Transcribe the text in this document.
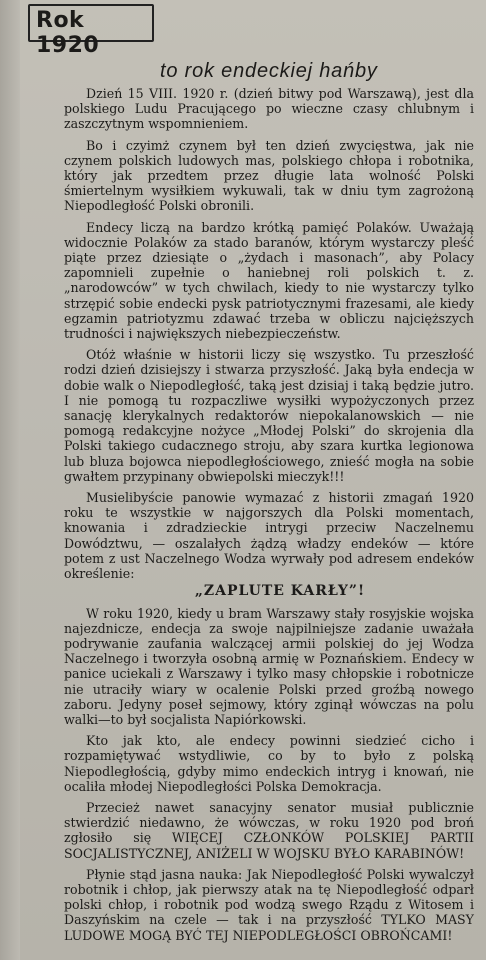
Rok 1920
to rok endeckiej hańby

Dzień 15 VIII. 1920 r. (dzień bitwy pod Warszawą), jest dla polskiego Ludu Pracującego po wieczne czasy chlubnym i zaszczytnym wspomnieniem.

Bo i czyimż czynem był ten dzień zwycięstwa, jak nie czynem polskich ludowych mas, polskiego chłopa i robotnika, który jak przedtem przez długie lata wolność Polski śmiertelnym wysiłkiem wykuwali, tak w dniu tym zagrożoną Niepodległość Polski obronili.

Endecy liczą na bardzo krótką pamięć Polaków. Uważają widocznie Polaków za stado baranów, którym wystarczy pleść piąte przez dziesiąte o „żydach i masonach”, aby Polacy zapomnieli zupełnie o haniebnej roli polskich t. z. „narodowców” w tych chwilach, kiedy to nie wystarczy tylko strzępić sobie endecki pysk patriotycznymi frazesami, ale kiedy egzamin patriotyzmu zdawać trzeba w obliczu najcięższych trudności i największych niebezpieczeństw.

Otóż właśnie w historii liczy się wszystko. Tu przeszłość rodzi dzień dzisiejszy i stwarza przyszłość. Jaką była endecja w dobie walk o Niepodległość, taką jest dzisiaj i taką będzie jutro. I nie pomogą tu rozpaczliwe wysiłki wypożyczonych przez sanację klerykalnych redaktorów niepokalanowskich — nie pomogą redakcyjne nożyce „Młodej Polski” do skrojenia dla Polski takiego cudacznego stroju, aby szara kurtka legionowa lub bluza bojowca niepodległościowego, znieść mogła na sobie gwałtem przypinany obwiepolski mieczyk!!!

Musielibyście panowie wymazać z historii zmagań 1920 roku te wszystkie w najgorszych dla Polski momentach, knowania i zdradzieckie intrygi przeciw Naczelnemu Dowództwu, — oszalałych żądzą władzy endeków — które potem z ust Naczelnego Wodza wyrwały pod adresem endeków określenie:

„ZAPLUTE KARŁY”!

W roku 1920, kiedy u bram Warszawy stały rosyjskie wojska najezdnicze, endecja za swoje najpilniejsze zadanie uważała podrywanie zaufania walczącej armii polskiej do jej Wodza Naczelnego i tworzyła osobną armię w Poznańskiem. Endecy w panice uciekali z Warszawy i tylko masy chłopskie i robotnicze nie utraciły wiary w ocalenie Polski przed groźbą nowego zaboru. Jedyny poseł sejmowy, który zginął wówczas na polu walki—to był socjalista Napiórkowski.

Kto jak kto, ale endecy powinni siedzieć cicho i rozpamiętywać wstydliwie, co by to było z polską Niepodległością, gdyby mimo endeckich intryg i knowań, nie ocaliła młodej Niepodległości Polska Demokracja.

Przecież nawet sanacyjny senator musiał publicznie stwierdzić niedawno, że wówczas, w roku 1920 pod broń zgłosiło się WIĘCEJ CZŁONKÓW POLSKIEJ PARTII SOCJALISTYCZNEJ, ANIŻELI W WOJSKU BYŁO KARABINÓW!

Płynie stąd jasna nauka: Jak Niepodległość Polski wywalczył robotnik i chłop, jak pierwszy atak na tę Niepodległość odparł polski chłop, i robotnik pod wodzą swego Rządu z Witosem i Daszyńskim na czele — tak i na przyszłość TYLKO MASY LUDOWE MOGĄ BYĆ TEJ NIEPODLEGŁOŚCI OBROŃCAMI!
